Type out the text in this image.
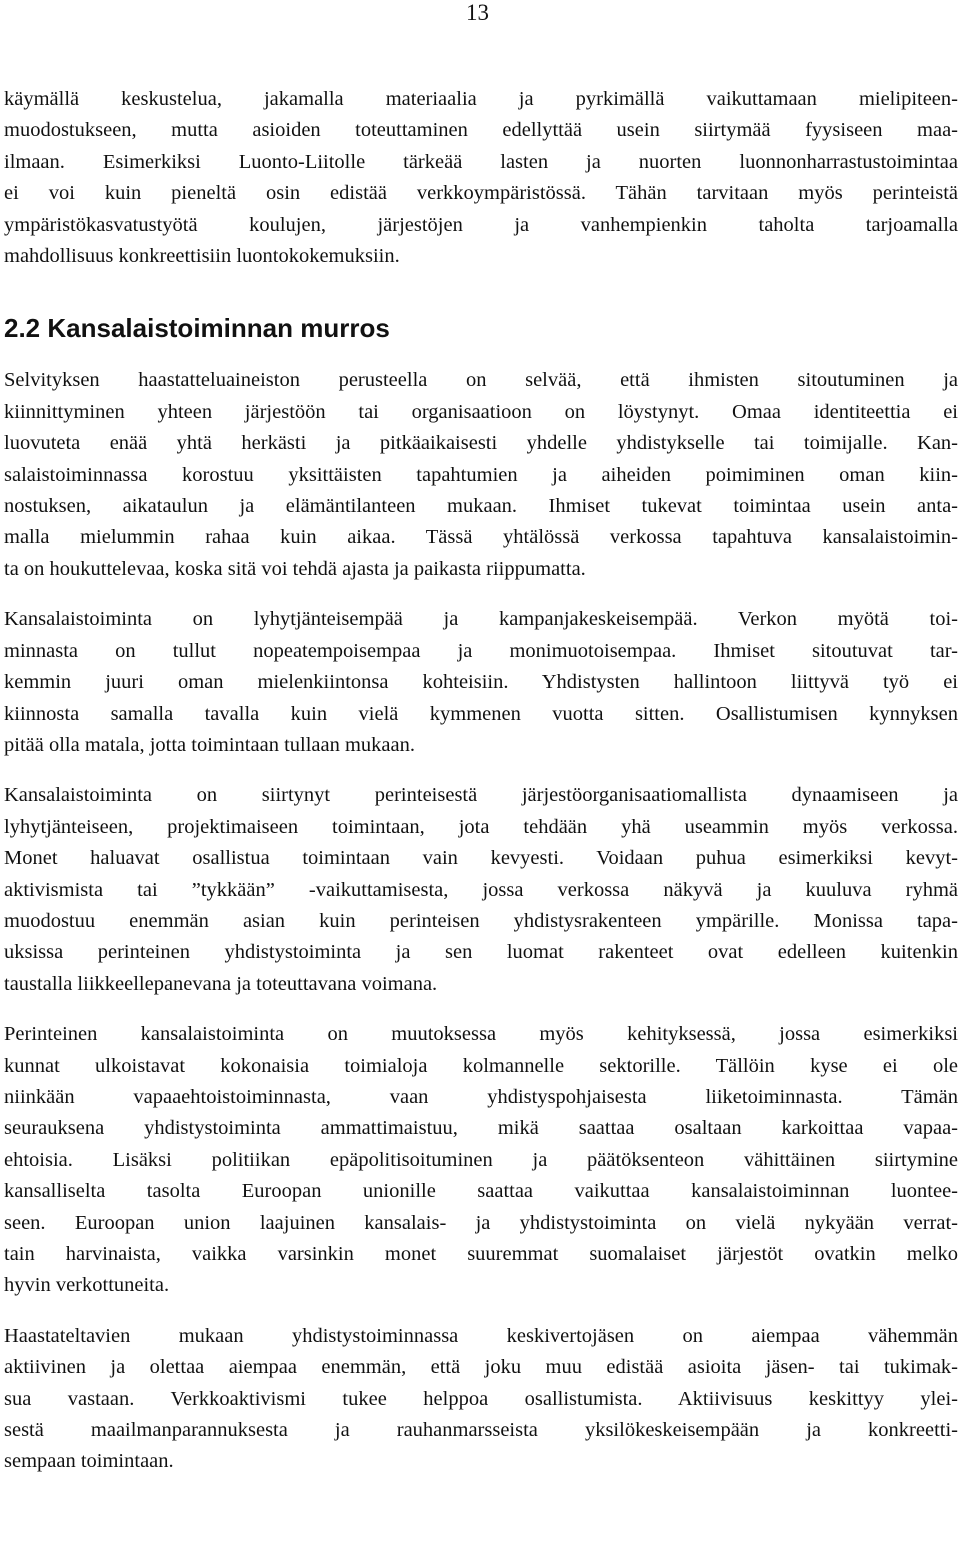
13

käymällä keskustelua, jakamalla materiaalia ja pyrkimällä vaikuttamaan mielipiteen-
muodostukseen, mutta asioiden toteuttaminen edellyttää usein siirtymää fyysiseen maa-
ilmaan. Esimerkiksi Luonto-Liitolle tärkeää lasten ja nuorten luonnonharrastustoimintaa
ei voi kuin pieneltä osin edistää verkkoympäristössä. Tähän tarvitaan myös perinteistä
ympäristökasvatustyötä koulujen, järjestöjen ja vanhempienkin taholta tarjoamalla
mahdollisuus konkreettisiin luontokokemuksiin.

2.2 Kansalaistoiminnan murros

Selvityksen haastatteluaineiston perusteella on selvää, että ihmisten sitoutuminen ja
kiinnittyminen yhteen järjestöön tai organisaatioon on löystynyt. Omaa identiteettia ei
luovuteta enää yhtä herkästi ja pitkäaikaisesti yhdelle yhdistykselle tai toimijalle. Kan-
salaistoiminnassa korostuu yksittäisten tapahtumien ja aiheiden poimiminen oman kiin-
nostuksen, aikataulun ja elämäntilanteen mukaan. Ihmiset tukevat toimintaa usein anta-
malla mielummin rahaa kuin aikaa. Tässä yhtälössä verkossa tapahtuva kansalaistoimin-
ta on houkuttelevaa, koska sitä voi tehdä ajasta ja paikasta riippumatta.

Kansalaistoiminta on lyhytjänteisempää ja kampanjakeskeisempää. Verkon myötä toi-
minnasta on tullut nopeatempoisempaa ja monimuotoisempaa. Ihmiset sitoutuvat tar-
kemmin juuri oman mielenkiintonsa kohteisiin. Yhdistysten hallintoon liittyvä työ ei
kiinnosta samalla tavalla kuin vielä kymmenen vuotta sitten. Osallistumisen kynnyksen
pitää olla matala, jotta toimintaan tullaan mukaan.

Kansalaistoiminta on siirtynyt perinteisestä järjestöorganisaatiomallista dynaamiseen ja
lyhytjänteiseen, projektimaiseen toimintaan, jota tehdään yhä useammin myös verkossa.
Monet haluavat osallistua toimintaan vain kevyesti. Voidaan puhua esimerkiksi kevyt-
aktivismista tai ”tykkään” -vaikuttamisesta, jossa verkossa näkyvä ja kuuluva ryhmä
muodostuu enemmän asian kuin perinteisen yhdistysrakenteen ympärille. Monissa tapa-
uksissa perinteinen yhdistystoiminta ja sen luomat rakenteet ovat edelleen kuitenkin
taustalla liikkeellepanevana ja toteuttavana voimana.

Perinteinen kansalaistoiminta on muutoksessa myös kehityksessä, jossa esimerkiksi
kunnat ulkoistavat kokonaisia toimialoja kolmannelle sektorille. Tällöin kyse ei ole
niinkään vapaaehtoistoiminnasta, vaan yhdistyspohjaisesta liiketoiminnasta. Tämän
seurauksena yhdistystoiminta ammattimaistuu, mikä saattaa osaltaan karkoittaa vapaa-
ehtoisia. Lisäksi politiikan epäpolitisoituminen ja päätöksenteon vähittäinen siirtymine
kansalliselta tasolta Euroopan unionille saattaa vaikuttaa kansalaistoiminnan luontee-
seen. Euroopan union laajuinen kansalais- ja yhdistystoiminta on vielä nykyään verrat-
tain harvinaista, vaikka varsinkin monet suuremmat suomalaiset järjestöt ovatkin melko
hyvin verkottuneita.

Haastateltavien mukaan yhdistystoiminnassa keskivertojäsen on aiempaa vähemmän
aktiivinen ja olettaa aiempaa enemmän, että joku muu edistää asioita jäsen- tai tukimak-
sua vastaan. Verkkoaktivismi tukee helppoa osallistumista. Aktiivisuus keskittyy ylei-
sestä maailmanparannuksesta ja rauhanmarsseista yksilökeskeisempään ja konkreetti-
sempaan toimintaan.
